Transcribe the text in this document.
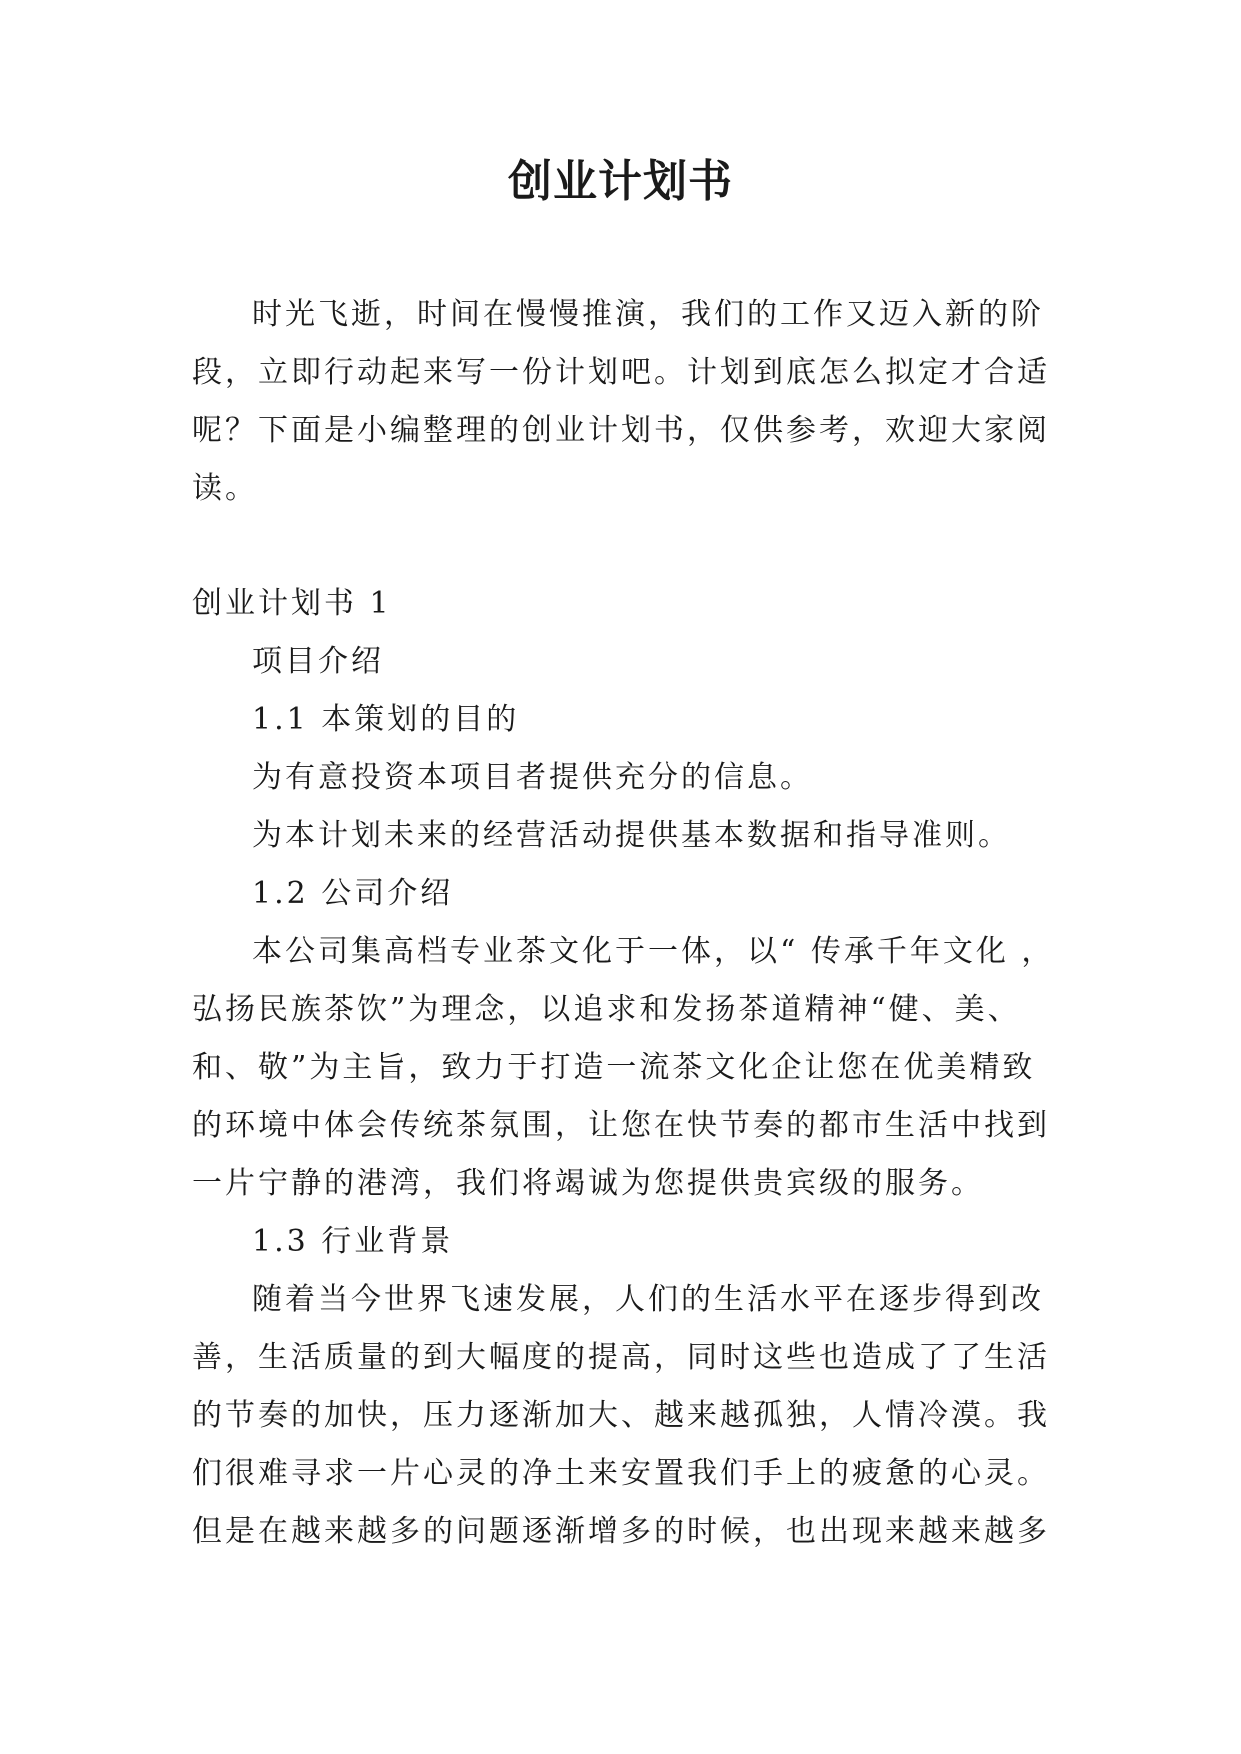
创业计划书

时光飞逝，时间在慢慢推演，我们的工作又迈入新的阶段，立即行动起来写一份计划吧。计划到底怎么拟定才合适呢？下面是小编整理的创业计划书，仅供参考，欢迎大家阅读。

创业计划书 1

项目介绍

1.1 本策划的目的

为有意投资本项目者提供充分的信息。

为本计划未来的经营活动提供基本数据和指导准则。

1.2 公司介绍

本公司集高档专业茶文化于一体，以“ 传承千年文化 ，弘扬民族茶饮”为理念，以追求和发扬茶道精神“健、美、和、敬”为主旨，致力于打造一流茶文化企让您在优美精致的环境中体会传统茶氛围，让您在快节奏的都市生活中找到一片宁静的港湾，我们将竭诚为您提供贵宾级的服务。

1.3 行业背景

随着当今世界飞速发展，人们的生活水平在逐步得到改善，生活质量的到大幅度的提高，同时这些也造成了了生活的节奏的加快，压力逐渐加大、越来越孤独，人情冷漠。我们很难寻求一片心灵的净土来安置我们手上的疲惫的心灵。但是在越来越多的问题逐渐增多的时候，也出现来越来越多
